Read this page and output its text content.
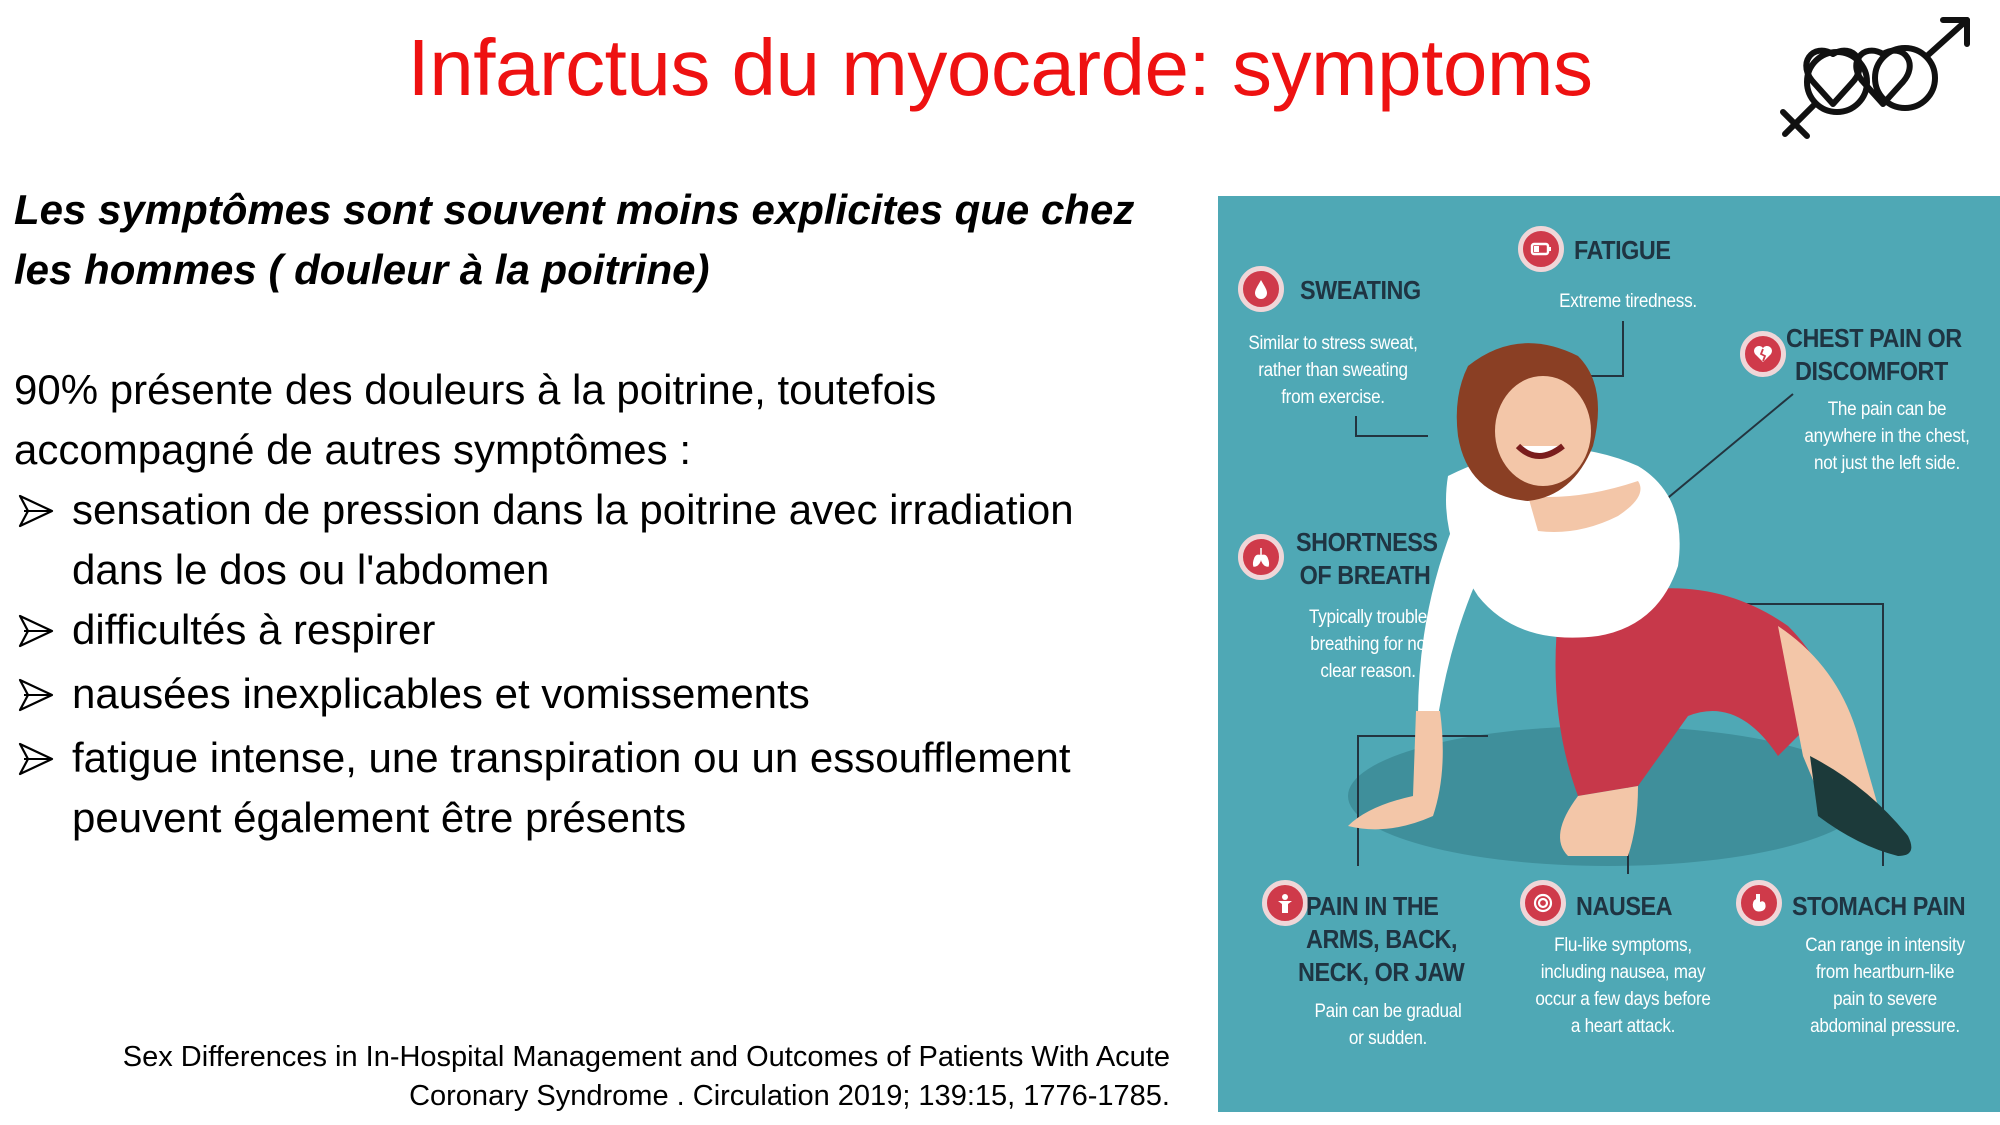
Infarctus du myocarde: symptoms
Les symptômes sont souvent moins explicites que chez
les hommes ( douleur à la poitrine)
90% présente des douleurs à la poitrine, toutefois
accompagné de autres symptômes :
sensation de pression dans la poitrine avec irradiation
dans le dos ou l'abdomen
difficultés à respirer
nausées inexplicables et vomissements
fatigue intense, une transpiration ou un essoufflement
peuvent également être présents
Sex Differences in In-Hospital Management and Outcomes of Patients With Acute
Coronary Syndrome . Circulation 2019; 139:15, 1776-1785.
SWEATING
Similar to stress sweat,
rather than sweating
from exercise.
FATIGUE
Extreme tiredness.
CHEST PAIN OR
DISCOMFORT
The pain can be
anywhere in the chest,
not just the left side.
SHORTNESS
OF BREATH
Typically trouble
breathing for no
clear reason.
PAIN IN THE
ARMS, BACK,
NECK, OR JAW
Pain can be gradual
or sudden.
NAUSEA
Flu-like symptoms,
including nausea, may
occur a few days before
a heart attack.
STOMACH PAIN
Can range in intensity
from heartburn-like
pain to severe
abdominal pressure.
